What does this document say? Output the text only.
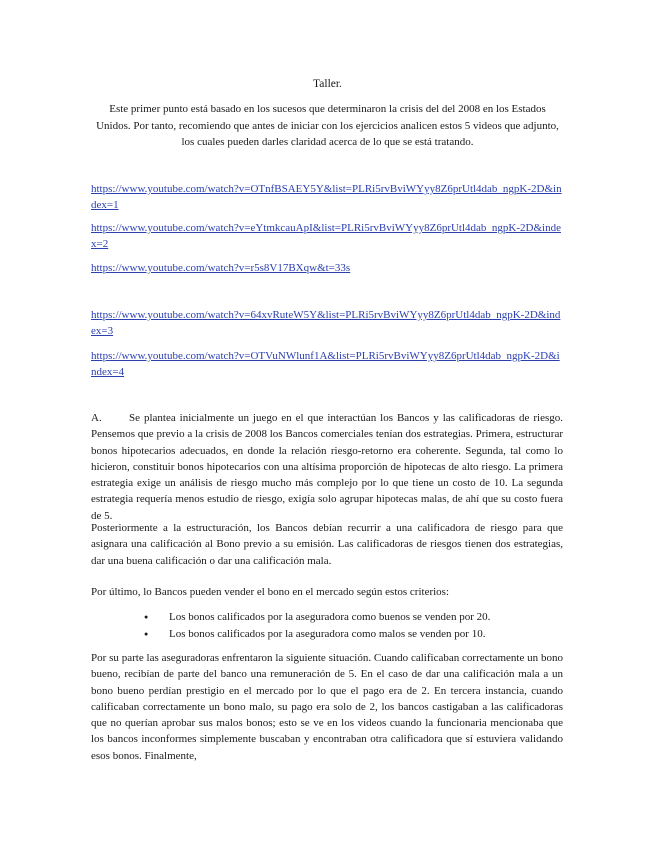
Taller.
Este primer punto está basado en los sucesos que determinaron la crisis del del 2008 en los Estados Unidos. Por tanto, recomiendo que antes de iniciar con los ejercicios analicen estos 5 videos que adjunto, los cuales pueden darles claridad acerca de lo que se está tratando.
https://www.youtube.com/watch?v=OTnfBSAEY5Y&list=PLRi5rvBviWYyy8Z6prUtl4dab_ngpK-2D&index=1
https://www.youtube.com/watch?v=eYtmkcauApI&list=PLRi5rvBviWYyy8Z6prUtl4dab_ngpK-2D&index=2
https://www.youtube.com/watch?v=r5s8V17BXqw&t=33s
https://www.youtube.com/watch?v=64xvRuteW5Y&list=PLRi5rvBviWYyy8Z6prUtl4dab_ngpK-2D&index=3
https://www.youtube.com/watch?v=OTVuNWlunf1A&list=PLRi5rvBviWYyy8Z6prUtl4dab_ngpK-2D&index=4

A. Se plantea inicialmente un juego en el que interactúan los Bancos y las calificadoras de riesgo. Pensemos que previo a la crisis de 2008 los Bancos comerciales tenían dos estrategias. Primera, estructurar bonos hipotecarios adecuados, en donde la relación riesgo-retorno era coherente. Segunda, tal como lo hicieron, constituir bonos hipotecarios con una altísima proporción de hipotecas de alto riesgo. La primera estrategia exige un análisis de riesgo mucho más complejo por lo que tiene un costo de 10. La segunda estrategia requería menos estudio de riesgo, exigía solo agrupar hipotecas malas, de ahí que su costo fuera de 5.

Posteriormente a la estructuración, los Bancos debían recurrir a una calificadora de riesgo para que asignara una calificación al Bono previo a su emisión. Las calificadoras de riesgos tienen dos estrategias, dar una buena calificación o dar una calificación mala.

Por último, lo Bancos pueden vender el bono en el mercado según estos criterios:

● Los bonos calificados por la aseguradora como buenos se venden por 20.
● Los bonos calificados por la aseguradora como malos se venden por 10.

Por su parte las aseguradoras enfrentaron la siguiente situación. Cuando calificaban correctamente un bono bueno, recibían de parte del banco una remuneración de 5. En el caso de dar una calificación mala a un bono bueno perdían prestigio en el mercado por lo que el pago era de 2. En tercera instancia, cuando calificaban correctamente un bono malo, su pago era solo de 2, los bancos castigaban a las calificadoras que no querían aprobar sus malos bonos; esto se ve en los videos cuando la funcionaria mencionaba que los bancos inconformes simplemente buscaban y encontraban otra calificadora que sí estuviera validando esos bonos. Finalmente,
